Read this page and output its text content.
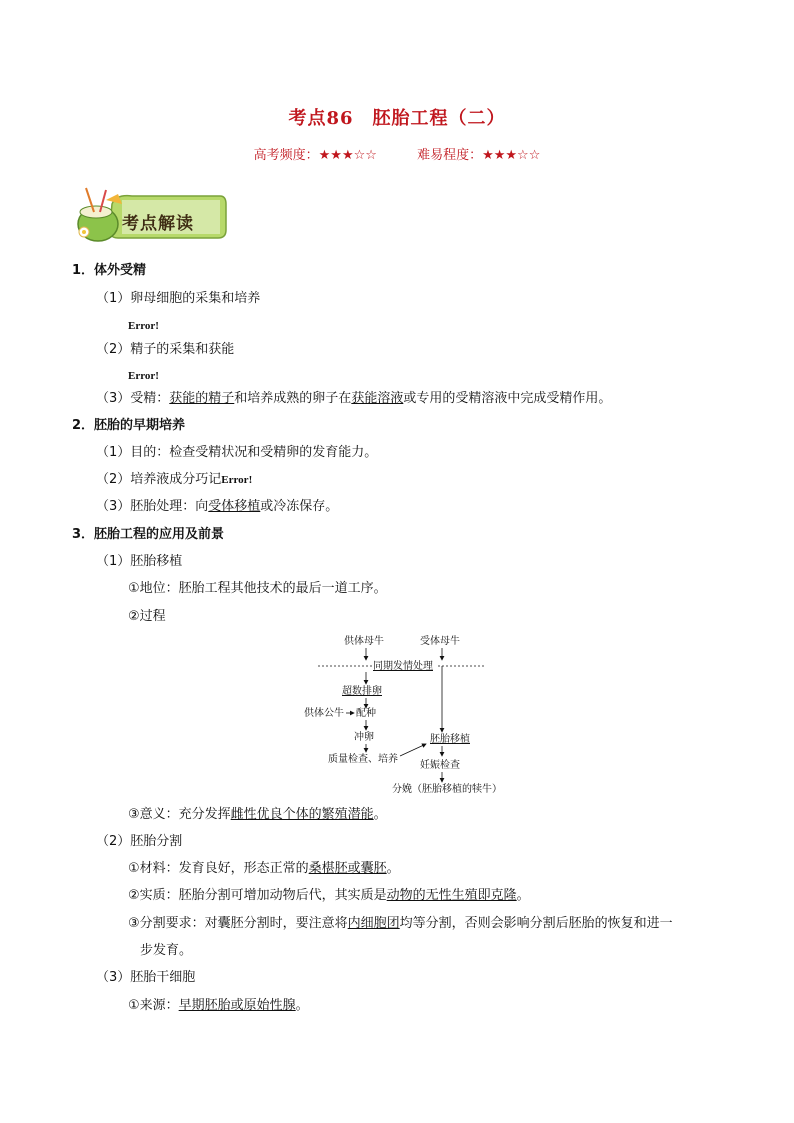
考点86　胚胎工程（二）
高考频度：★★★☆☆	难易程度：★★★☆☆
考点解读
1．体外受精
（1）卵母细胞的采集和培养
Error!
（2）精子的采集和获能
Error!
（3）受精：获能的精子和培养成熟的卵子在获能溶液或专用的受精溶液中完成受精作用。
2．胚胎的早期培养
（1）目的：检查受精状况和受精卵的发育能力。
（2）培养液成分巧记Error!
（3）胚胎处理：向受体移植或冷冻保存。
3．胚胎工程的应用及前景
（1）胚胎移植
①地位：胚胎工程其他技术的最后一道工序。
②过程
供体母牛	受体母牛
同期发情处理
超数排卵
供体公牛 配种
冲卵
质量检查、培养
胚胎移植
妊娠检查
分娩（胚胎移植的犊牛）
③意义：充分发挥雌性优良个体的繁殖潜能。
（2）胚胎分割
①材料：发育良好，形态正常的桑椹胚或囊胚。
②实质：胚胎分割可增加动物后代，其实质是动物的无性生殖即克隆。
③分割要求：对囊胚分割时，要注意将内细胞团均等分割，否则会影响分割后胚胎的恢复和进一
步发育。
（3）胚胎干细胞
①来源：早期胚胎或原始性腺。
